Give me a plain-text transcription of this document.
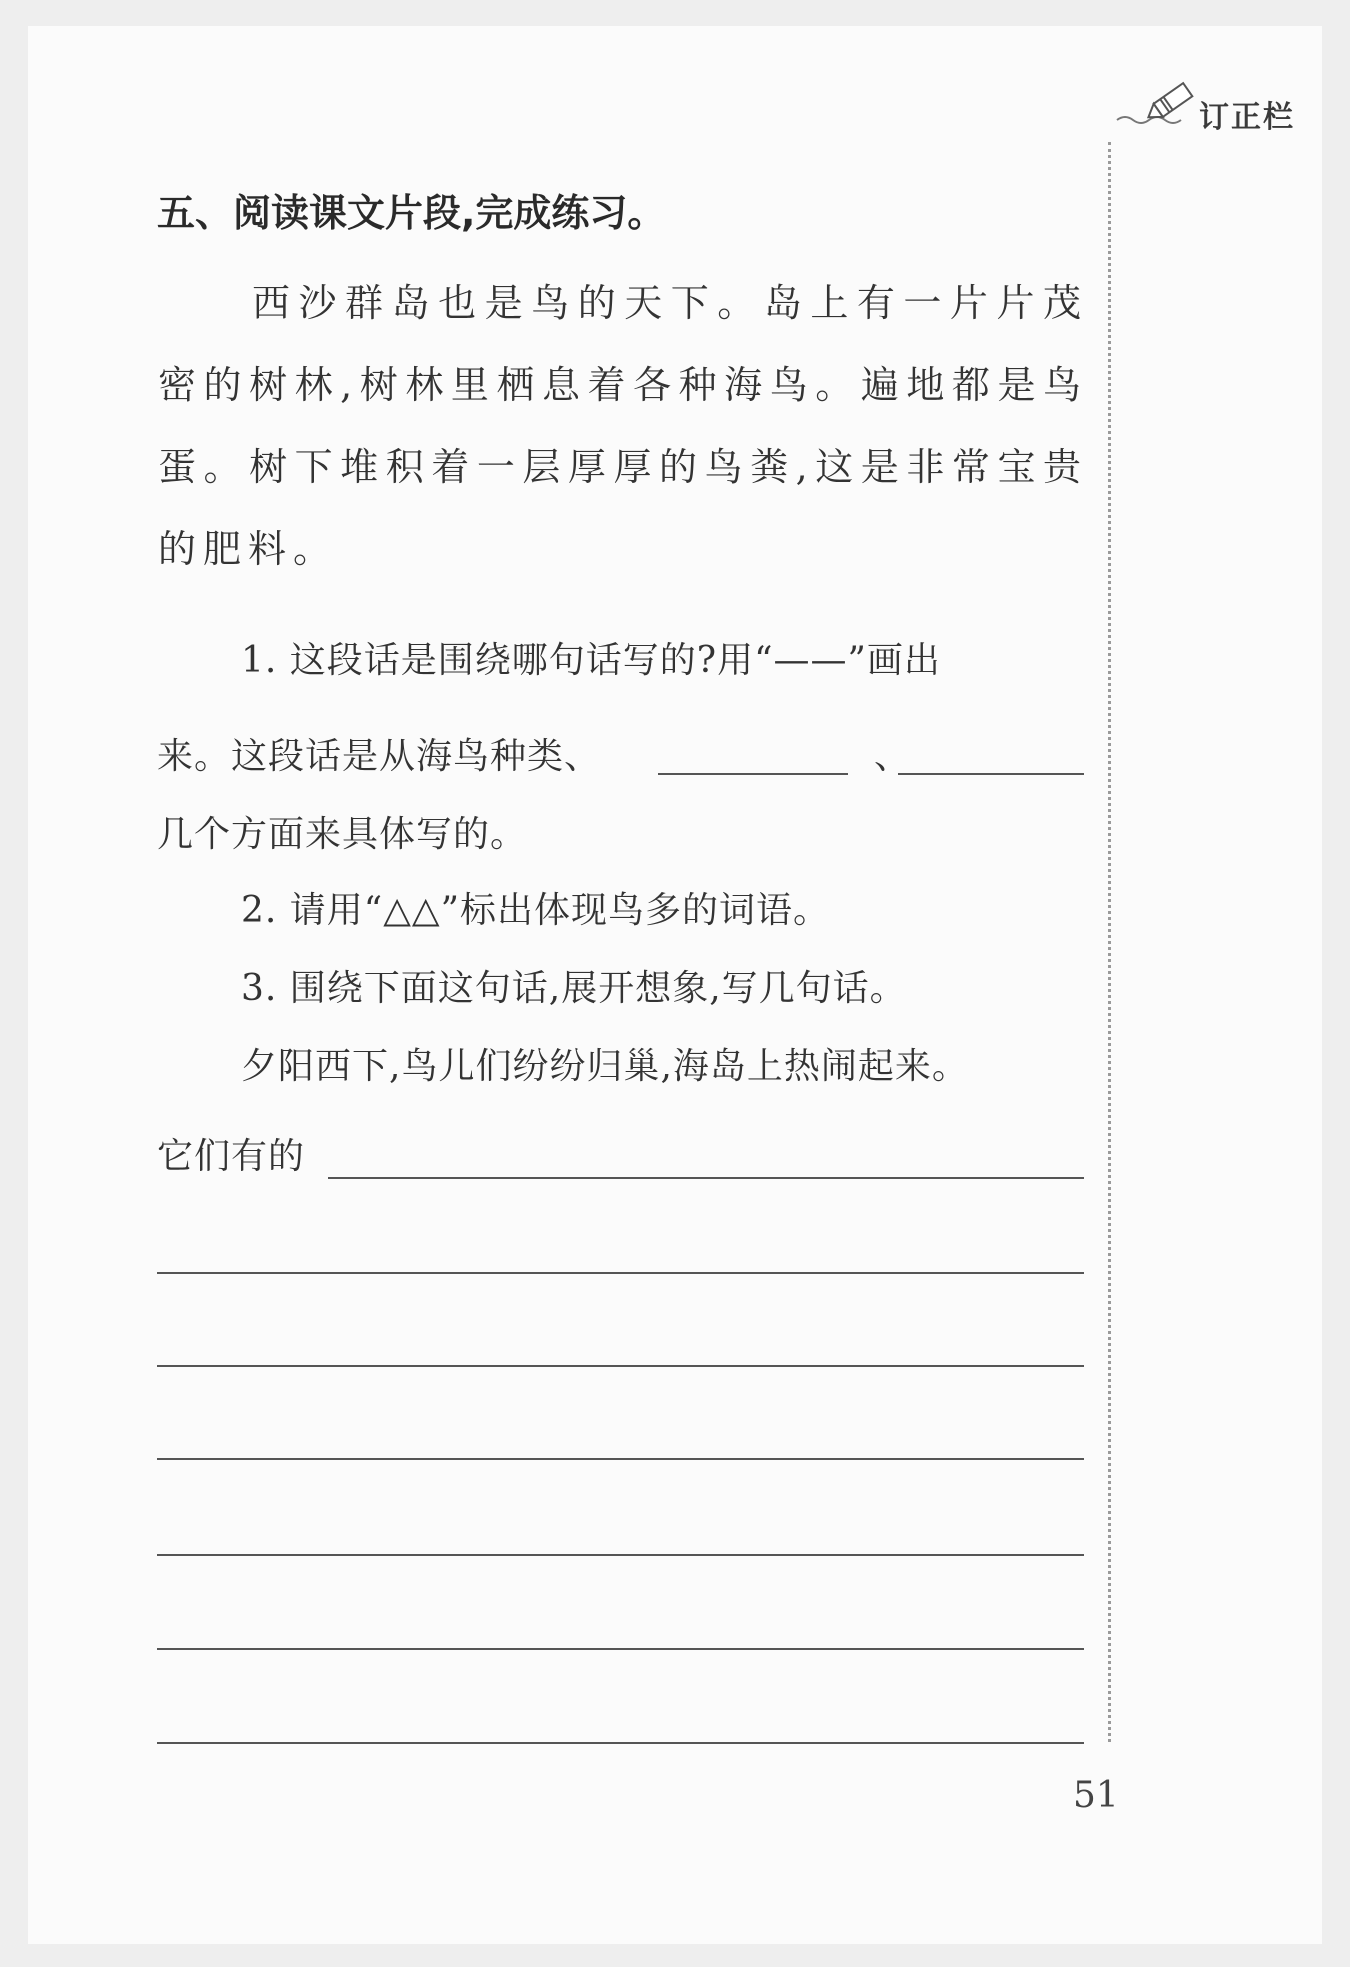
订正栏
五、阅读课文片段,完成练习。
西沙群岛也是鸟的天下。岛上有一片片茂密的树林,树林里栖息着各种海鸟。遍地都是鸟蛋。树下堆积着一层厚厚的鸟粪,这是非常宝贵的肥料。
1. 这段话是围绕哪句话写的?用“——”画出
来。这段话是从海鸟种类、	、
几个方面来具体写的。
2. 请用“△△”标出体现鸟多的词语。
3. 围绕下面这句话,展开想象,写几句话。
夕阳西下,鸟儿们纷纷归巢,海岛上热闹起来。
它们有的
51
